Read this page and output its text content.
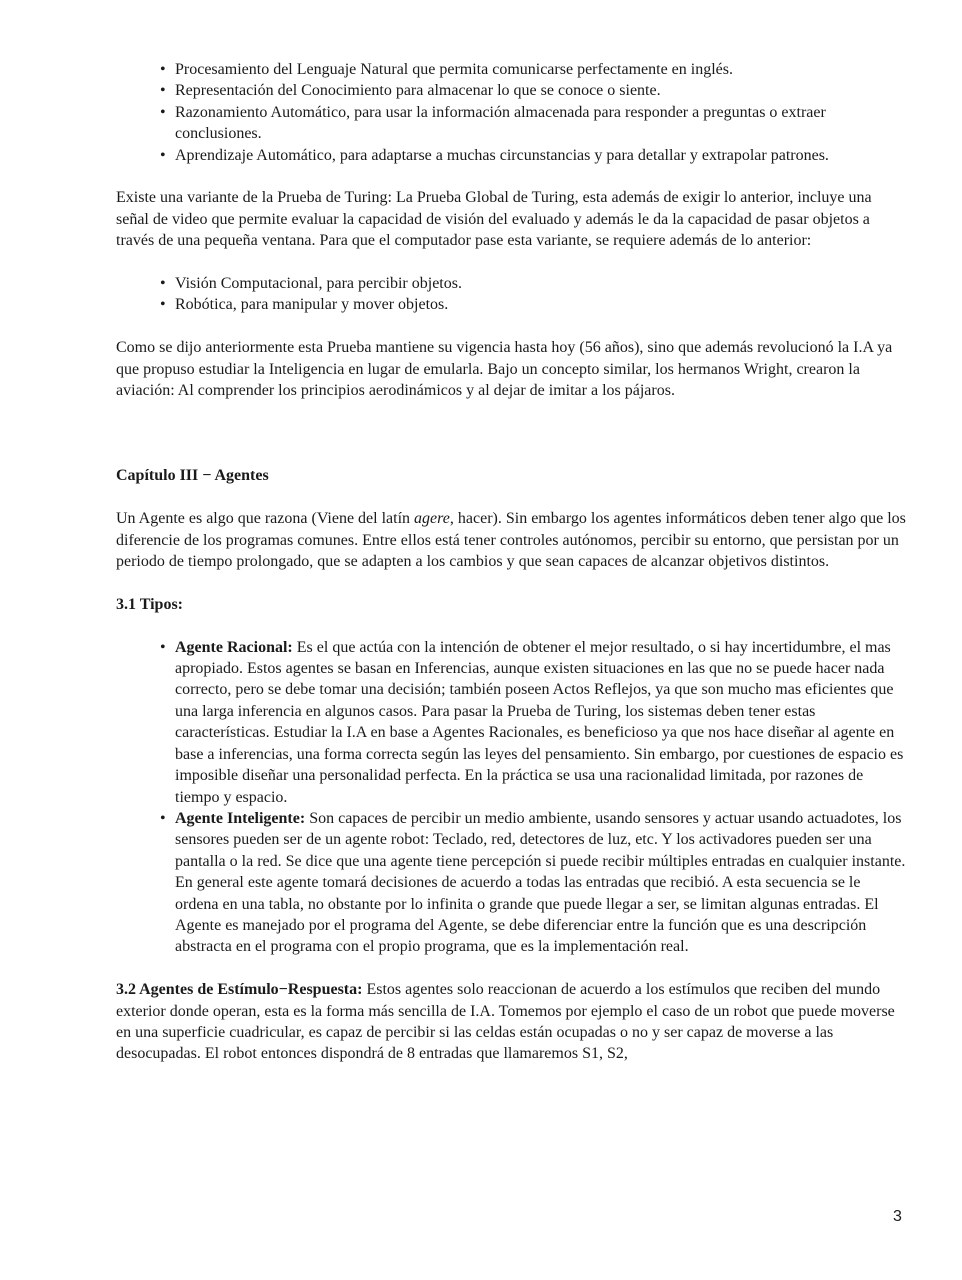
• Procesamiento del Lenguaje Natural que permita comunicarse perfectamente en inglés.
• Representación del Conocimiento para almacenar lo que se conoce o siente.
• Razonamiento Automático, para usar la información almacenada para responder a preguntas o extraer conclusiones.
• Aprendizaje Automático, para adaptarse a muchas circunstancias y para detallar y extrapolar patrones.

Existe una variante de la Prueba de Turing: La Prueba Global de Turing, esta además de exigir lo anterior, incluye una señal de video que permite evaluar la capacidad de visión del evaluado y además le da la capacidad de pasar objetos a través de una pequeña ventana. Para que el computador pase esta variante, se requiere además de lo anterior:

• Visión Computacional, para percibir objetos.
• Robótica, para manipular y mover objetos.

Como se dijo anteriormente esta Prueba mantiene su vigencia hasta hoy (56 años), sino que además revolucionó la I.A ya que propuso estudiar la Inteligencia en lugar de emularla. Bajo un concepto similar, los hermanos Wright, crearon la aviación: Al comprender los principios aerodinámicos y al dejar de imitar a los pájaros.

Capítulo III − Agentes

Un Agente es algo que razona (Viene del latín agere, hacer). Sin embargo los agentes informáticos deben tener algo que los diferencie de los programas comunes. Entre ellos está tener controles autónomos, percibir su entorno, que persistan por un periodo de tiempo prolongado, que se adapten a los cambios y que sean capaces de alcanzar objetivos distintos.

3.1 Tipos:

• Agente Racional: Es el que actúa con la intención de obtener el mejor resultado, o si hay incertidumbre, el mas apropiado. Estos agentes se basan en Inferencias, aunque existen situaciones en las que no se puede hacer nada correcto, pero se debe tomar una decisión; también poseen Actos Reflejos, ya que son mucho mas eficientes que una larga inferencia en algunos casos. Para pasar la Prueba de Turing, los sistemas deben tener estas características. Estudiar la I.A en base a Agentes Racionales, es beneficioso ya que nos hace diseñar al agente en base a inferencias, una forma correcta según las leyes del pensamiento. Sin embargo, por cuestiones de espacio es imposible diseñar una personalidad perfecta. En la práctica se usa una racionalidad limitada, por razones de tiempo y espacio.
• Agente Inteligente: Son capaces de percibir un medio ambiente, usando sensores y actuar usando actuadotes, los sensores pueden ser de un agente robot: Teclado, red, detectores de luz, etc. Y los activadores pueden ser una pantalla o la red. Se dice que una agente tiene percepción si puede recibir múltiples entradas en cualquier instante. En general este agente tomará decisiones de acuerdo a todas las entradas que recibió. A esta secuencia se le ordena en una tabla, no obstante por lo infinita o grande que puede llegar a ser, se limitan algunas entradas. El Agente es manejado por el programa del Agente, se debe diferenciar entre la función que es una descripción abstracta en el programa con el propio programa, que es la implementación real.

3.2 Agentes de Estímulo−Respuesta: Estos agentes solo reaccionan de acuerdo a los estímulos que reciben del mundo exterior donde operan, esta es la forma más sencilla de I.A. Tomemos por ejemplo el caso de un robot que puede moverse en una superficie cuadricular, es capaz de percibir si las celdas están ocupadas o no y ser capaz de moverse a las desocupadas. El robot entonces dispondrá de 8 entradas que llamaremos S1, S2,

3
